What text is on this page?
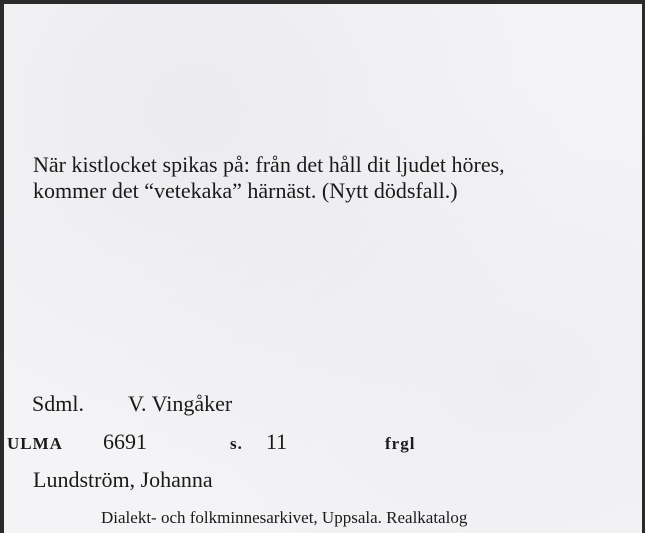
När kistlocket spikas på: från det håll dit ljudet höres,
kommer det “vetekaka” härnäst. (Nytt dödsfall.)
Sdml. V. Vingåker
ULMA 6691	s. 11	frgl
Lundström, Johanna
Dialekt- och folkminnesarkivet, Uppsala. Realkatalog
